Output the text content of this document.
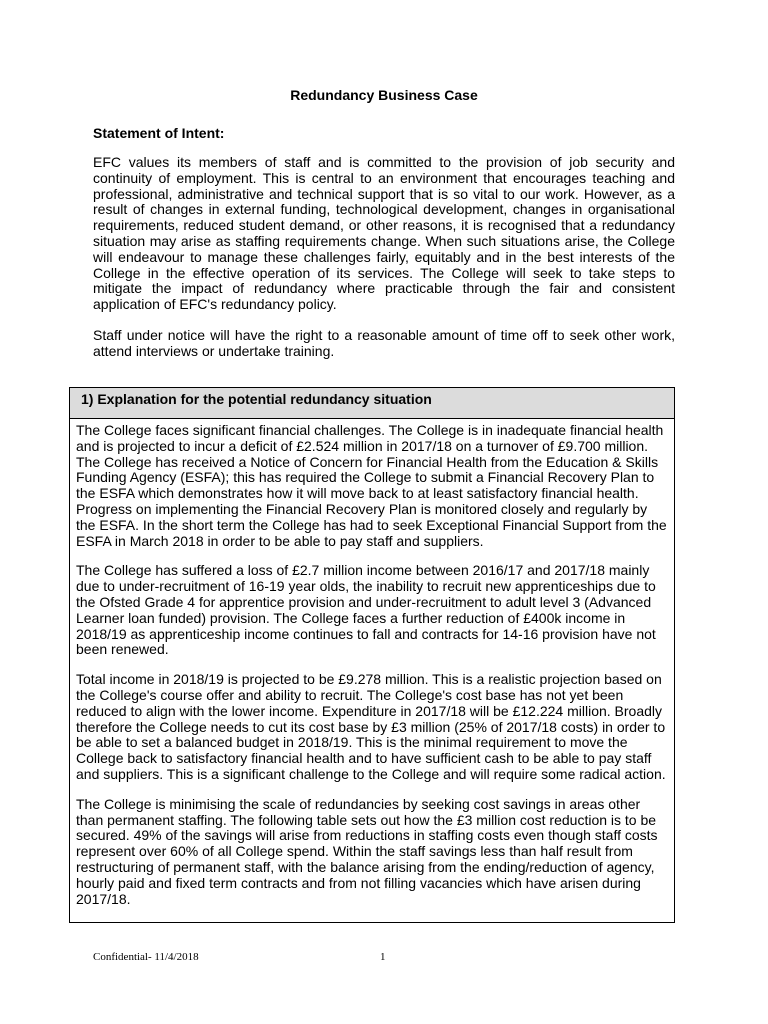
Redundancy Business Case
Statement of Intent:

EFC values its members of staff and is committed to the provision of job security and continuity of employment. This is central to an environment that encourages teaching and professional, administrative and technical support that is so vital to our work. However, as a result of changes in external funding, technological development, changes in organisational requirements, reduced student demand, or other reasons, it is recognised that a redundancy situation may arise as staffing requirements change. When such situations arise, the College will endeavour to manage these challenges fairly, equitably and in the best interests of the College in the effective operation of its services. The College will seek to take steps to mitigate the impact of redundancy where practicable through the fair and consistent application of EFC's redundancy policy.

Staff under notice will have the right to a reasonable amount of time off to seek other work, attend interviews or undertake training.

1) Explanation for the potential redundancy situation

The College faces significant financial challenges. The College is in inadequate financial health and is projected to incur a deficit of £2.524 million in 2017/18 on a turnover of £9.700 million. The College has received a Notice of Concern for Financial Health from the Education & Skills Funding Agency (ESFA); this has required the College to submit a Financial Recovery Plan to the ESFA which demonstrates how it will move back to at least satisfactory financial health. Progress on implementing the Financial Recovery Plan is monitored closely and regularly by the ESFA. In the short term the College has had to seek Exceptional Financial Support from the ESFA in March 2018 in order to be able to pay staff and suppliers.

The College has suffered a loss of £2.7 million income between 2016/17 and 2017/18 mainly due to under-recruitment of 16-19 year olds, the inability to recruit new apprenticeships due to the Ofsted Grade 4 for apprentice provision and under-recruitment to adult level 3 (Advanced Learner loan funded) provision. The College faces a further reduction of £400k income in 2018/19 as apprenticeship income continues to fall and contracts for 14-16 provision have not been renewed.

Total income in 2018/19 is projected to be £9.278 million. This is a realistic projection based on the College's course offer and ability to recruit. The College's cost base has not yet been reduced to align with the lower income. Expenditure in 2017/18 will be £12.224 million. Broadly therefore the College needs to cut its cost base by £3 million (25% of 2017/18 costs) in order to be able to set a balanced budget in 2018/19. This is the minimal requirement to move the College back to satisfactory financial health and to have sufficient cash to be able to pay staff and suppliers. This is a significant challenge to the College and will require some radical action.

The College is minimising the scale of redundancies by seeking cost savings in areas other than permanent staffing. The following table sets out how the £3 million cost reduction is to be secured. 49% of the savings will arise from reductions in staffing costs even though staff costs represent over 60% of all College spend. Within the staff savings less than half result from restructuring of permanent staff, with the balance arising from the ending/reduction of agency, hourly paid and fixed term contracts and from not filling vacancies which have arisen during 2017/18.

Confidential- 11/4/2018	1
